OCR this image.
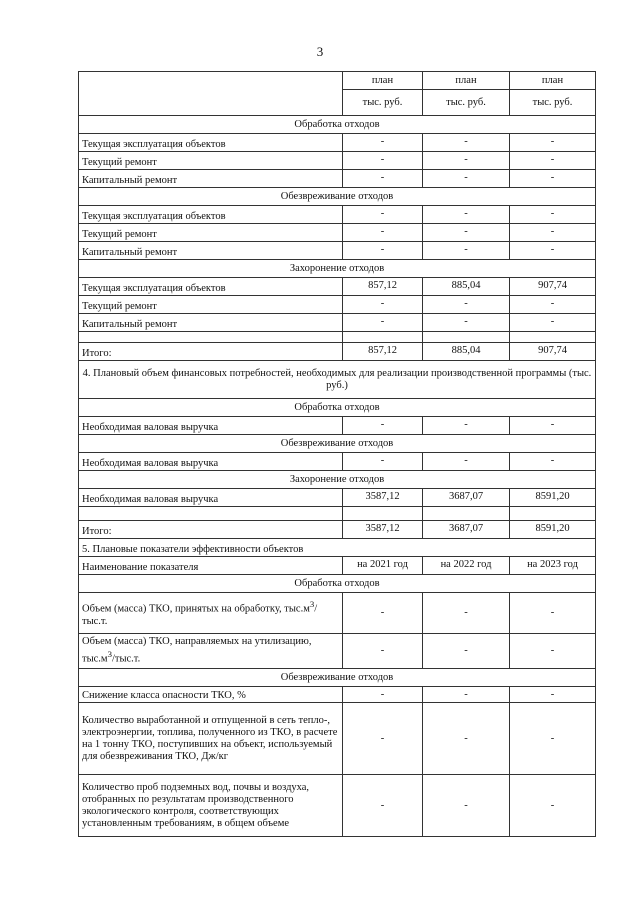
3
	план	план	план
	тыс. руб.	тыс. руб.	тыс. руб.
Обработка отходов			
Текущая эксплуатация объектов	-	-	-
Текущий ремонт	-	-	-
Капитальный ремонт	-	-	-
Обезвреживание отходов			
Текущая эксплуатация объектов	-	-	-
Текущий ремонт	-	-	-
Капитальный ремонт	-	-	-
Захоронение отходов			
Текущая эксплуатация объектов	857,12	885,04	907,74
Текущий ремонт	-	-	-
Капитальный ремонт	-	-	-

Итого:	857,12	885,04	907,74
4. Плановый объем финансовых потребностей, необходимых для реализации производственной программы (тыс. руб.)			
Обработка отходов			
Необходимая валовая выручка	-	-	-
Обезвреживание отходов			
Необходимая валовая выручка	-	-	-
Захоронение отходов			
Необходимая валовая выручка	3587,12	3687,07	8591,20

Итого:	3587,12	3687,07	8591,20
5. Плановые показатели эффективности объектов			
Наименование показателя	на 2021 год	на 2022 год	на 2023 год
Обработка отходов			
Объем (масса) ТКО, принятых на обработку, $тыс.м^3/тыс.т$.	-	-	-
Объем (масса) ТКО, направляемых на утилизацию, $тыс.м^3/тыс.т$.	-	-	-
Обезвреживание отходов			
Снижение класса опасности ТКО, %	-	-	-
Количество выработанной и отпущенной в сеть тепло-, электроэнергии, топлива, полученного из ТКО, в расчете на 1 тонну ТКО, поступивших на объект, используемый для обезвреживания ТКО, Дж/кг	-	-	-
Количество проб подземных вод, почвы и воздуха, отобранных по результатам производственного экологического контроля, соответствующих установленным требованиям, в общем объеме	-	-	-
